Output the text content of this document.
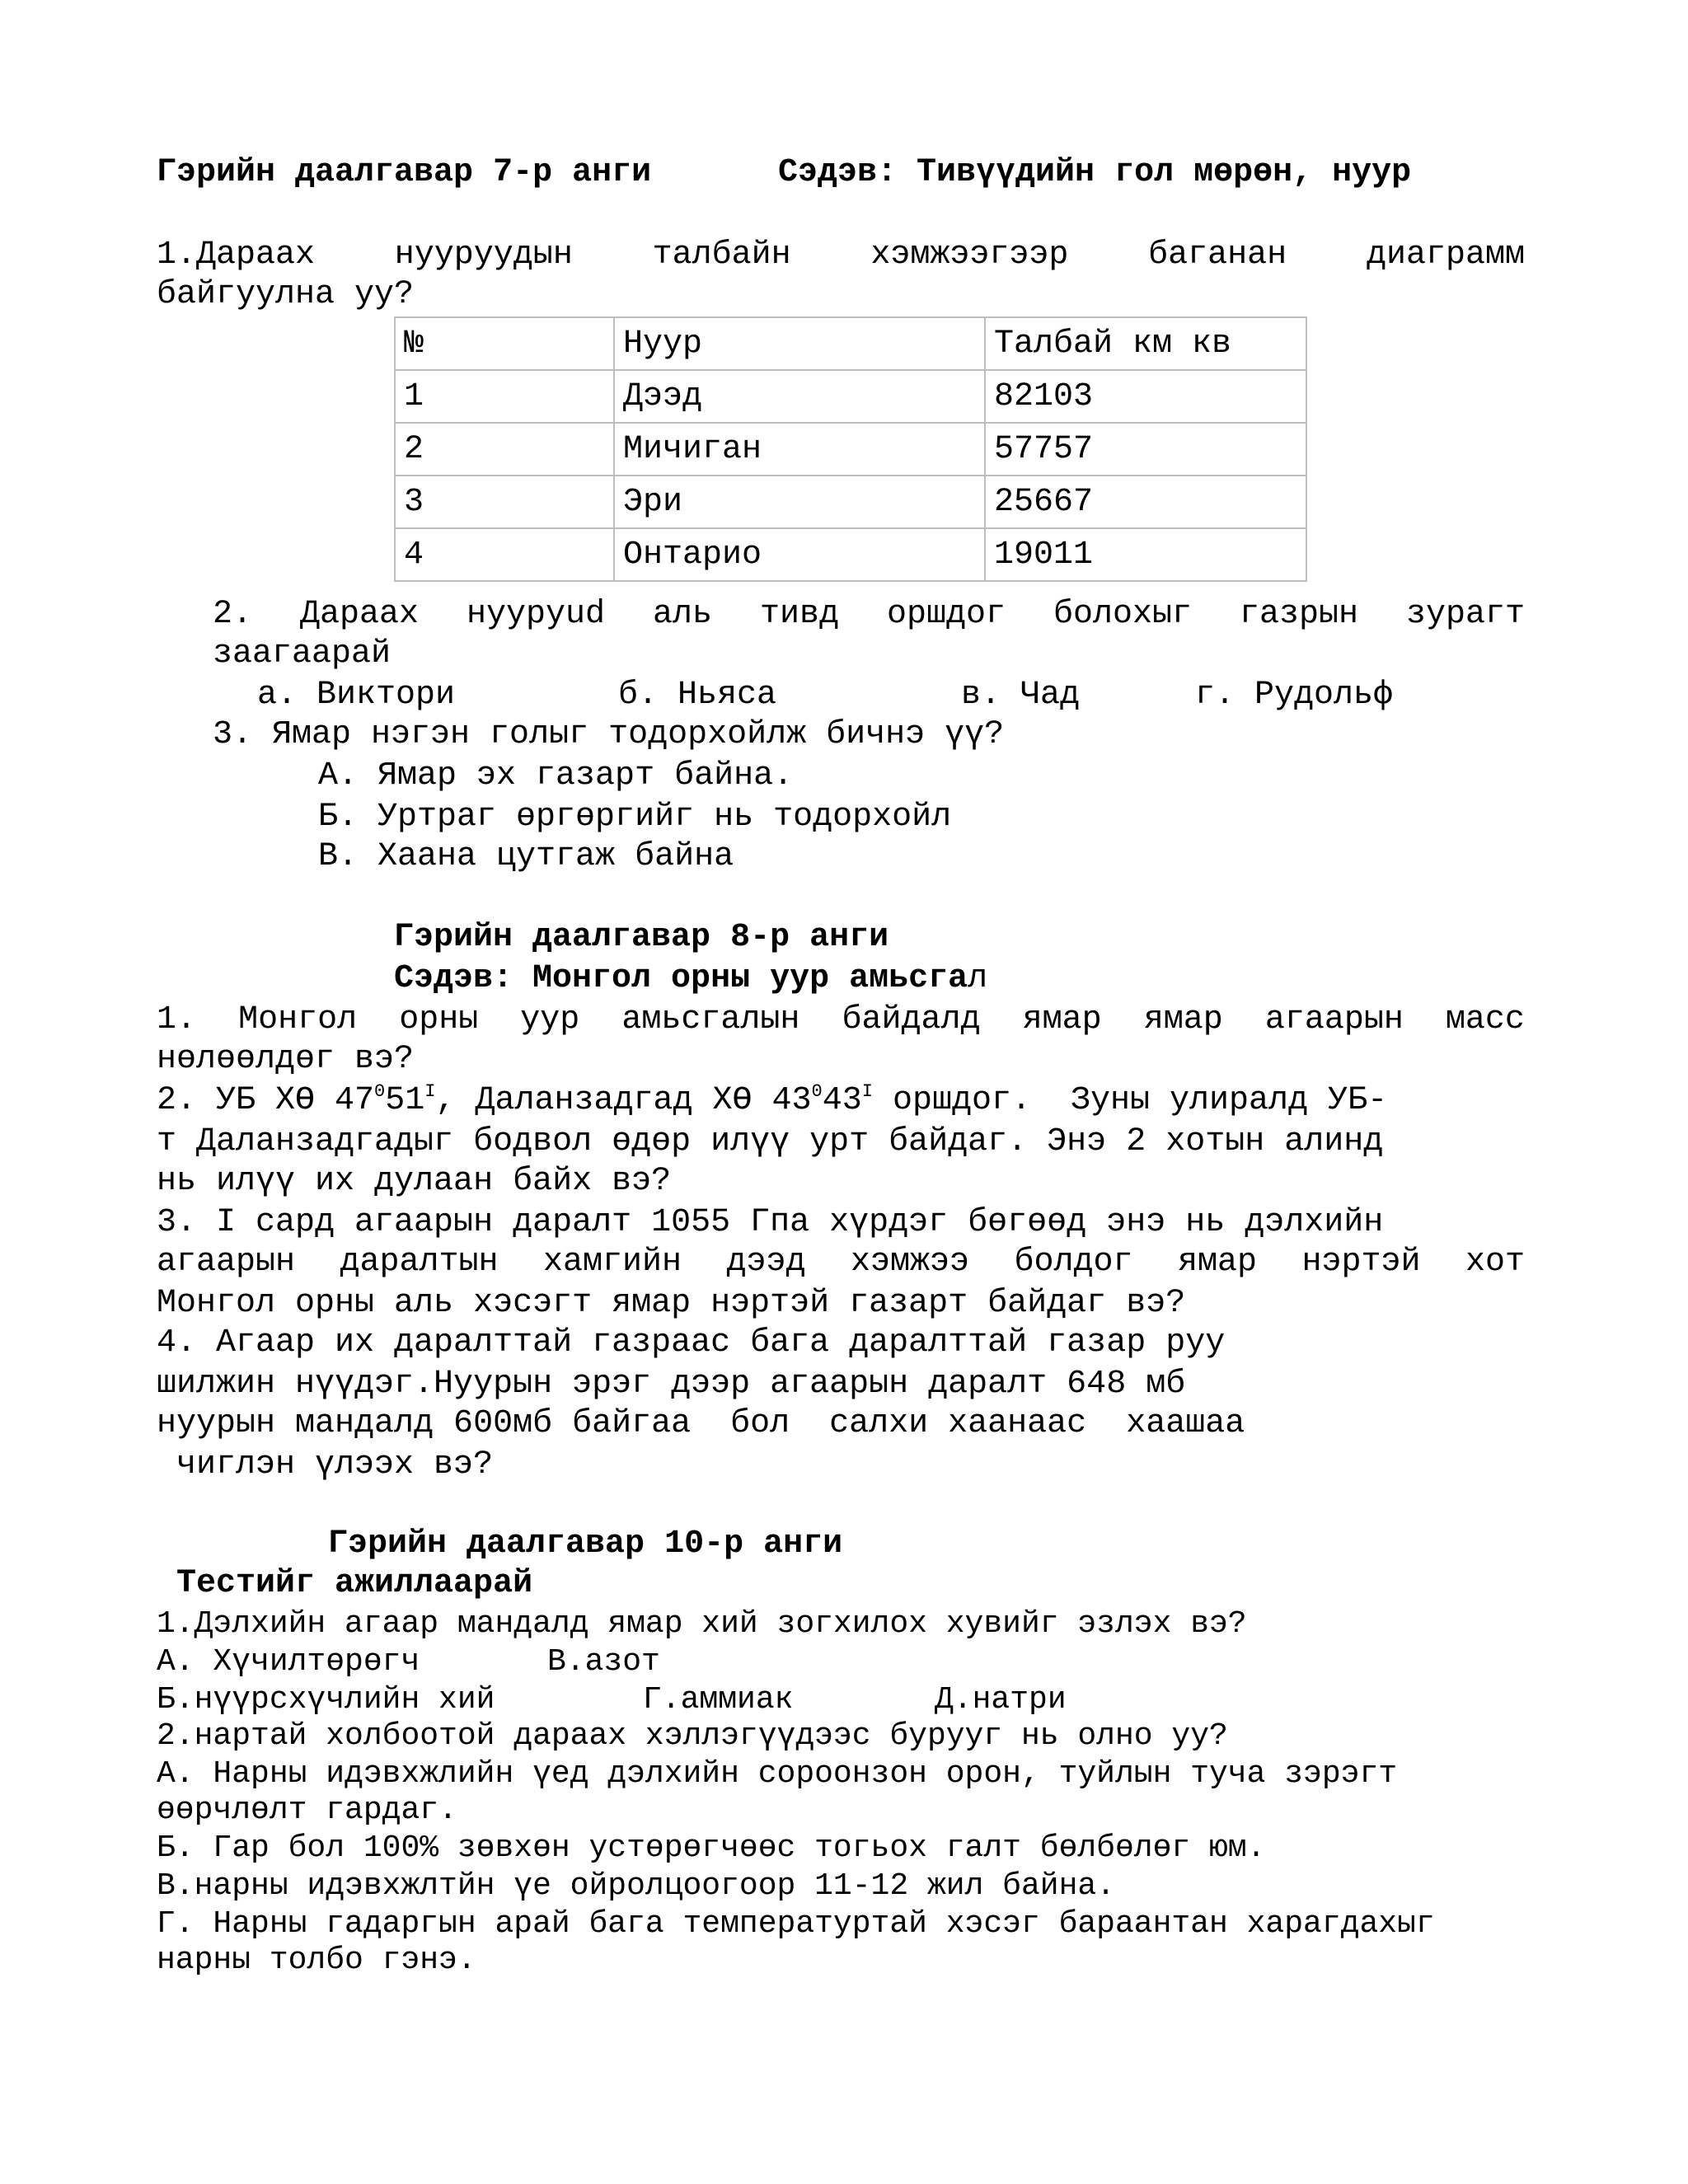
Гэрийн даалгавар 7-р анги	Сэдэв: Тивүүдийн гол мөрөн, нуур
1.Дараах нууруудын талбайн хэмжээгээр баганан диаграмм
байгуулна уу?
№	Нуур	Талбай км кв
1	Дээд	82103
2	Мичиган	57757
3	Эри	25667
4	Онтарио	19011
2. Дараах нууруud аль тивд оршдог болохыг газрын зурагт
заагаарай
а. Виктори	б. Ньяса	в. Чад	г. Рудольф
3. Ямар нэгэн голыг тодорхойлж бичнэ үү?
А. Ямар эх газарт байна.
Б. Уртраг өргөргийг нь тодорхойл
В. Хаана цутгаж байна
Гэрийн даалгавар 8-р анги
Сэдэв: Монгол орны уур амьсгал
1. Монгол орны уур амьсгалын байдалд ямар ямар агаарын масс
нөлөөлдөг вэ?
2. УБ ХӨ $47^051^I$, Даланзадгад ХӨ $43^043^I$ оршдог.  Зуны улиралд УБ-
т Даланзадгадыг бодвол өдөр илүү урт байдаг. Энэ 2 хотын алинд
нь илүү их дулаан байх вэ?
3. I сард агаарын даралт 1055 Гпа хүрдэг бөгөөд энэ нь дэлхийн
агаарын даралтын хамгийн дээд хэмжээ болдог ямар нэртэй хот
Монгол орны аль хэсэгт ямар нэртэй газарт байдаг вэ?
4. Агаар их даралттай газраас бага даралттай газар руу
шилжин нүүдэг.Нуурын эрэг дээр агаарын даралт 648 мб
нуурын мандалд 600мб байгаа  бол  салхи хаанаас  хаашаа
чиглэн үлээх вэ?
Гэрийн даалгавар 10-р анги
Тестийг ажиллаарай
1.Дэлхийн агаар мандалд ямар хий зогхилох хувийг эзлэх вэ?
А. Хүчилтөрөгч	В.азот
Б.нүүрсхүчлийн хий	Г.аммиак	Д.натри
2.нартай холбоотой дараах хэллэгүүдээс бурууг нь олно уу?
А. Нарны идэвхжлийн үед дэлхийн сороонзон орон, туйлын туча зэрэгт
өөрчлөлт гардаг.
Б. Гар бол 100% зөвхөн устөрөгчөөс тогьох галт бөлбөлөг юм.
В.нарны идэвхжлтйн үе ойролцоогоор 11-12 жил байна.
Г. Нарны гадаргын арай бага температуртай хэсэг бараантан харагдахыг
нарны толбо гэнэ.
